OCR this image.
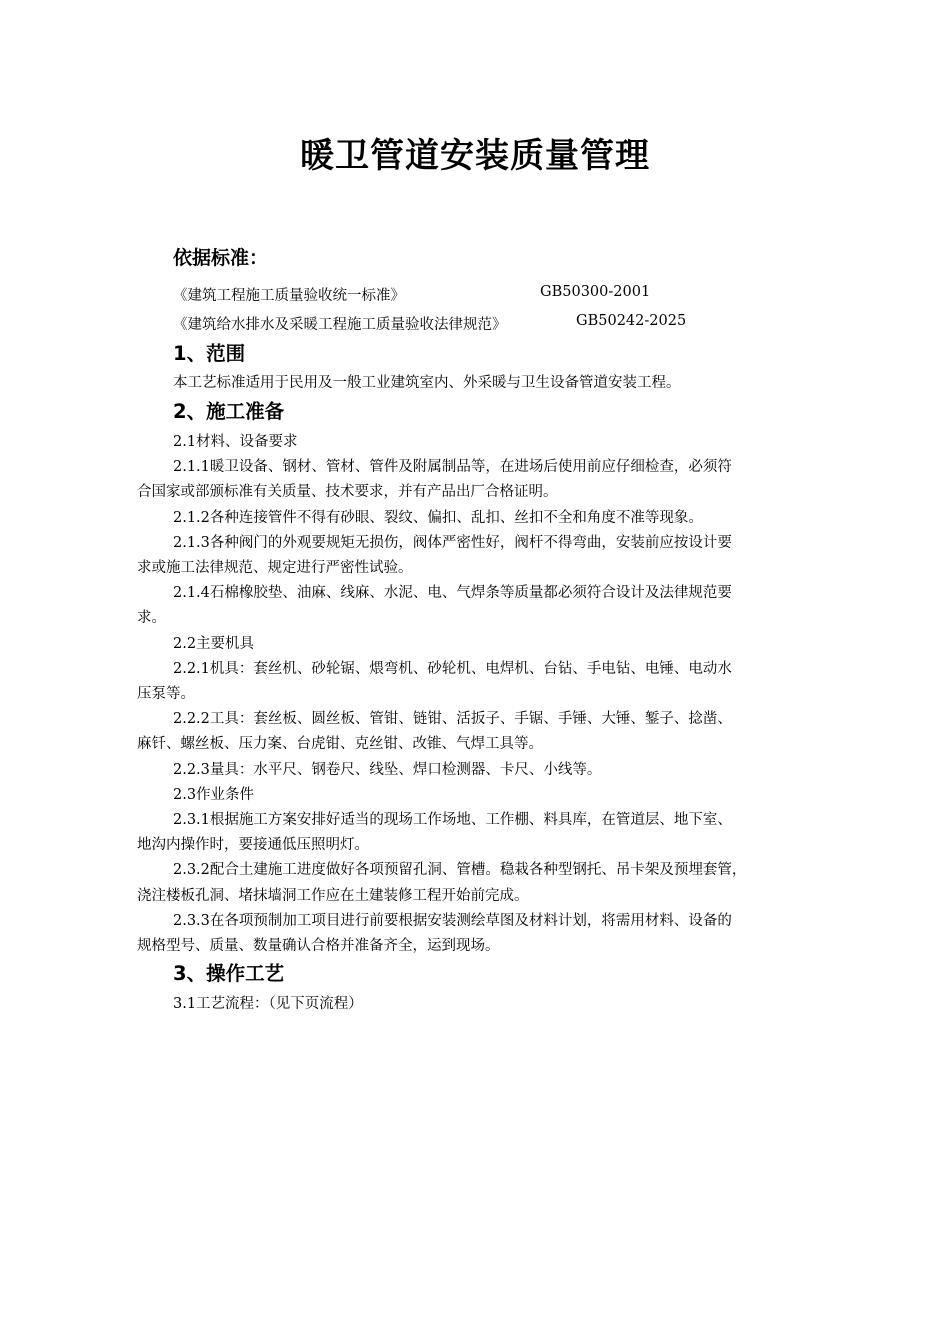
暖卫管道安装质量管理
依据标准：
《建筑工程施工质量验收统一标准》	GB50300-2001
《建筑给水排水及采暖工程施工质量验收法律规范》	GB50242-2025
1、范围
本工艺标准适用于民用及一般工业建筑室内、外采暖与卫生设备管道安装工程。
2、施工准备
2.1材料、设备要求
2.1.1暖卫设备、钢材、管材、管件及附属制品等，在进场后使用前应仔细检查，必须符
合国家或部颁标准有关质量、技术要求，并有产品出厂合格证明。
2.1.2各种连接管件不得有砂眼、裂纹、偏扣、乱扣、丝扣不全和角度不准等现象。
2.1.3各种阀门的外观要规矩无损伤，阀体严密性好，阀杆不得弯曲，安装前应按设计要
求或施工法律规范、规定进行严密性试验。
2.1.4石棉橡胶垫、油麻、线麻、水泥、电、气焊条等质量都必须符合设计及法律规范要
求。
2.2主要机具
2.2.1机具：套丝机、砂轮锯、煨弯机、砂轮机、电焊机、台钻、手电钻、电锤、电动水
压泵等。
2.2.2工具：套丝板、圆丝板、管钳、链钳、活扳子、手锯、手锤、大锤、錾子、捻凿、
麻钎、螺丝板、压力案、台虎钳、克丝钳、改锥、气焊工具等。
2.2.3量具：水平尺、钢卷尺、线坠、焊口检测器、卡尺、小线等。
2.3作业条件
2.3.1根据施工方案安排好适当的现场工作场地、工作棚、料具库，在管道层、地下室、
地沟内操作时，要接通低压照明灯。
2.3.2配合土建施工进度做好各项预留孔洞、管槽。稳栽各种型钢托、吊卡架及预埋套管，
浇注楼板孔洞、堵抹墙洞工作应在土建装修工程开始前完成。
2.3.3在各项预制加工项目进行前要根据安装测绘草图及材料计划，将需用材料、设备的
规格型号、质量、数量确认合格并准备齐全，运到现场。
3、操作工艺
3.1工艺流程：（见下页流程）
